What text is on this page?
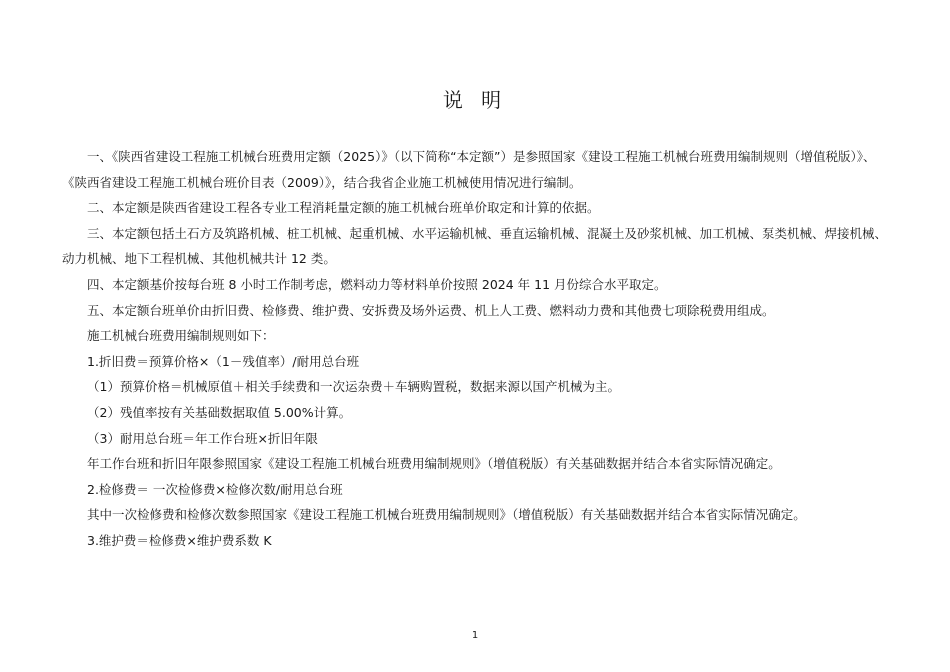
说 明

一、《陕西省建设工程施工机械台班费用定额（2025）》（以下简称“本定额”）是参照国家《建设工程施工机械台班费用编制规则（增值税版）》、《陕西省建设工程施工机械台班价目表（2009）》，结合我省企业施工机械使用情况进行编制。

二、本定额是陕西省建设工程各专业工程消耗量定额的施工机械台班单价取定和计算的依据。

三、本定额包括土石方及筑路机械、桩工机械、起重机械、水平运输机械、垂直运输机械、混凝土及砂浆机械、加工机械、泵类机械、焊接机械、动力机械、地下工程机械、其他机械共计 12 类。

四、本定额基价按每台班 8 小时工作制考虑，燃料动力等材料单价按照 2024 年 11 月份综合水平取定。

五、本定额台班单价由折旧费、检修费、维护费、安拆费及场外运费、机上人工费、燃料动力费和其他费七项除税费用组成。

施工机械台班费用编制规则如下：

1.折旧费＝预算价格×（1－残值率）/耐用总台班

（1）预算价格＝机械原值＋相关手续费和一次运杂费＋车辆购置税，数据来源以国产机械为主。

（2）残值率按有关基础数据取值 5.00%计算。

（3）耐用总台班＝年工作台班×折旧年限

年工作台班和折旧年限参照国家《建设工程施工机械台班费用编制规则》（增值税版）有关基础数据并结合本省实际情况确定。

2.检修费＝ 一次检修费×检修次数/耐用总台班

其中一次检修费和检修次数参照国家《建设工程施工机械台班费用编制规则》（增值税版）有关基础数据并结合本省实际情况确定。

3.维护费＝检修费×维护费系数 K

1
